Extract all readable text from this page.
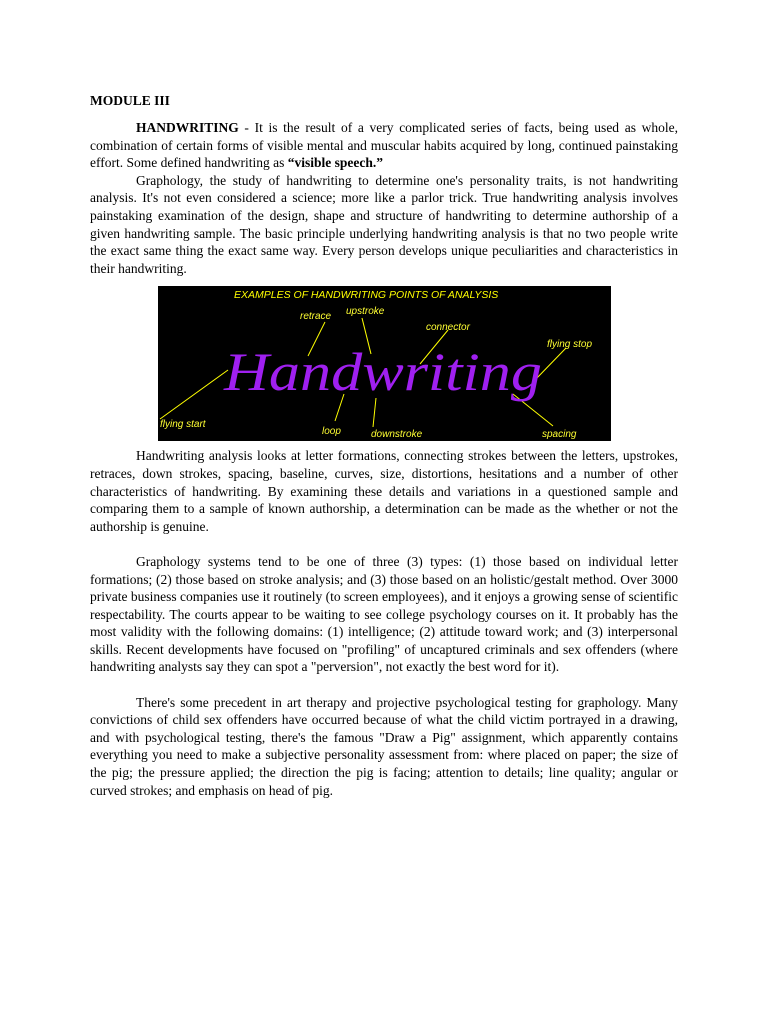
MODULE III

HANDWRITING - It is the result of a very complicated series of facts, being used as whole, combination of certain forms of visible mental and muscular habits acquired by long, continued painstaking effort. Some defined handwriting as “visible speech.”

Graphology, the study of handwriting to determine one's personality traits, is not handwriting analysis. It's not even considered a science; more like a parlor trick. True handwriting analysis involves painstaking examination of the design, shape and structure of handwriting to determine authorship of a given handwriting sample. The basic principle underlying handwriting analysis is that no two people write the exact same thing the exact same way. Every person develops unique peculiarities and characteristics in their handwriting.

EXAMPLES OF HANDWRITING POINTS OF ANALYSIS
retrace upstroke
connector
flying stop
flying start
loop	downstroke	spacing
Handwriting

Handwriting analysis looks at letter formations, connecting strokes between the letters, upstrokes, retraces, down strokes, spacing, baseline, curves, size, distortions, hesitations and a number of other characteristics of handwriting. By examining these details and variations in a questioned sample and comparing them to a sample of known authorship, a determination can be made as the whether or not the authorship is genuine.

Graphology systems tend to be one of three (3) types: (1) those based on individual letter formations; (2) those based on stroke analysis; and (3) those based on an holistic/gestalt method. Over 3000 private business companies use it routinely (to screen employees), and it enjoys a growing sense of scientific respectability. The courts appear to be waiting to see college psychology courses on it. It probably has the most validity with the following domains: (1) intelligence; (2) attitude toward work; and (3) interpersonal skills. Recent developments have focused on "profiling" of uncaptured criminals and sex offenders (where handwriting analysts say they can spot a "perversion", not exactly the best word for it).

There's some precedent in art therapy and projective psychological testing for graphology. Many convictions of child sex offenders have occurred because of what the child victim portrayed in a drawing, and with psychological testing, there's the famous "Draw a Pig" assignment, which apparently contains everything you need to make a subjective personality assessment from: where placed on paper; the size of the pig; the pressure applied; the direction the pig is facing; attention to details; line quality; angular or curved strokes; and emphasis on head of pig.
